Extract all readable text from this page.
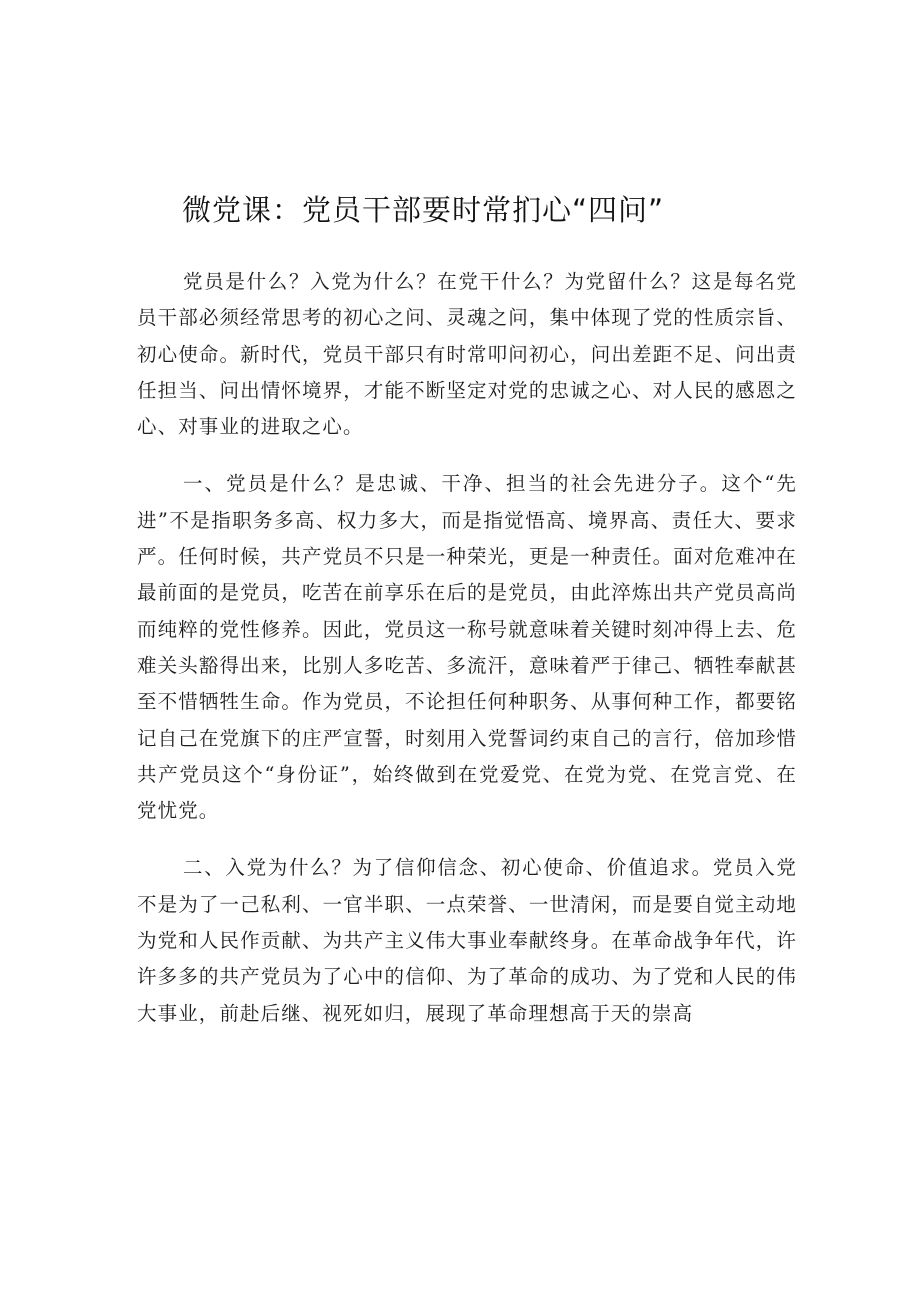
微党课：党员干部要时常扪心“四问”

党员是什么？入党为什么？在党干什么？为党留什么？这是每名党员干部必须经常思考的初心之问、灵魂之问，集中体现了党的性质宗旨、初心使命。新时代，党员干部只有时常叩问初心，问出差距不足、问出责任担当、问出情怀境界，才能不断坚定对党的忠诚之心、对人民的感恩之心、对事业的进取之心。

一、党员是什么？是忠诚、干净、担当的社会先进分子。这个“先进”不是指职务多高、权力多大，而是指觉悟高、境界高、责任大、要求严。任何时候，共产党员不只是一种荣光，更是一种责任。面对危难冲在最前面的是党员，吃苦在前享乐在后的是党员，由此淬炼出共产党员高尚而纯粹的党性修养。因此，党员这一称号就意味着关键时刻冲得上去、危难关头豁得出来，比别人多吃苦、多流汗，意味着严于律己、牺牲奉献甚至不惜牺牲生命。作为党员，不论担任何种职务、从事何种工作，都要铭记自己在党旗下的庄严宣誓，时刻用入党誓词约束自己的言行，倍加珍惜共产党员这个“身份证”，始终做到在党爱党、在党为党、在党言党、在党忧党。

二、入党为什么？为了信仰信念、初心使命、价值追求。党员入党不是为了一己私利、一官半职、一点荣誉、一世清闲，而是要自觉主动地为党和人民作贡献、为共产主义伟大事业奉献终身。在革命战争年代，许许多多的共产党员为了心中的信仰、为了革命的成功、为了党和人民的伟大事业，前赴后继、视死如归，展现了革命理想高于天的崇高
